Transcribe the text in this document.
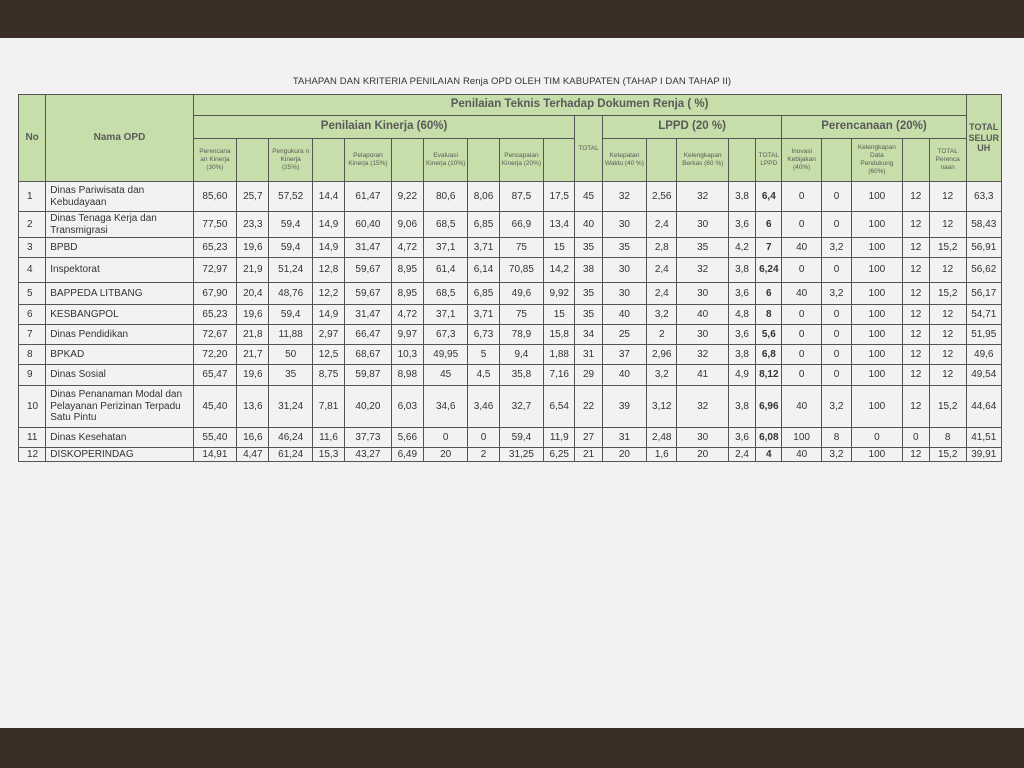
TAHAPAN DAN KRITERIA PENILAIAN Renja OPD OLEH TIM KABUPATEN (TAHAP I DAN TAHAP II)
No	Nama OPD	Penilaian Teknis Terhadap Dokumen Renja ( %)																					TOTAL SELUR UH
		Penilaian Kinerja (60%)										TOTAL	LPPD (20 %)					Perencanaan (20%)					
		Perencana an Kinerja (30%)		Pengukura n Kinerja (25%)		Pelaporan Kinerja (15%)		Evaluasi Kinerja (10%)		Pencapaian Kinerja (20%)			Ketepatan Waktu (40 %)		Kelengkapan Berkas (60 %)		TOTAL LPPD	Inovasi Kebijakan (40%)		Kelengkapan Data Pendukung (60%)		TOTAL Perenca naan	
1	Dinas Pariwisata dan Kebudayaan	85,60	25,7	57,52	14,4	61,47	9,22	80,6	8,06	87,5	17,5	45	32	2,56	32	3,8	6,4	0	0	100	12	12	63,3
2	Dinas Tenaga Kerja dan Transmigrasi	77,50	23,3	59,4	14,9	60,40	9,06	68,5	6,85	66,9	13,4	40	30	2,4	30	3,6	6	0	0	100	12	12	58,43
3	BPBD	65,23	19,6	59,4	14,9	31,47	4,72	37,1	3,71	75	15	35	35	2,8	35	4,2	7	40	3,2	100	12	15,2	56,91
4	Inspektorat	72,97	21,9	51,24	12,8	59,67	8,95	61,4	6,14	70,85	14,2	38	30	2,4	32	3,8	6,24	0	0	100	12	12	56,62
5	BAPPEDA LITBANG	67,90	20,4	48,76	12,2	59,67	8,95	68,5	6,85	49,6	9,92	35	30	2,4	30	3,6	6	40	3,2	100	12	15,2	56,17
6	KESBANGPOL	65,23	19,6	59,4	14,9	31,47	4,72	37,1	3,71	75	15	35	40	3,2	40	4,8	8	0	0	100	12	12	54,71
7	Dinas Pendidikan	72,67	21,8	11,88	2,97	66,47	9,97	67,3	6,73	78,9	15,8	34	25	2	30	3,6	5,6	0	0	100	12	12	51,95
8	BPKAD	72,20	21,7	50	12,5	68,67	10,3	49,95	5	9,4	1,88	31	37	2,96	32	3,8	6,8	0	0	100	12	12	49,6
9	Dinas Sosial	65,47	19,6	35	8,75	59,87	8,98	45	4,5	35,8	7,16	29	40	3,2	41	4,9	8,12	0	0	100	12	12	49,54
10	Dinas Penanaman Modal dan Pelayanan Perizinan Terpadu Satu Pintu	45,40	13,6	31,24	7,81	40,20	6,03	34,6	3,46	32,7	6,54	22	39	3,12	32	3,8	6,96	40	3,2	100	12	15,2	44,64
11	Dinas Kesehatan	55,40	16,6	46,24	11,6	37,73	5,66	0	0	59,4	11,9	27	31	2,48	30	3,6	6,08	100	8	0	0	8	41,51
12	DISKOPERINDAG	14,91	4,47	61,24	15,3	43,27	6,49	20	2	31,25	6,25	21	20	1,6	20	2,4	4	40	3,2	100	12	15,2	39,91
